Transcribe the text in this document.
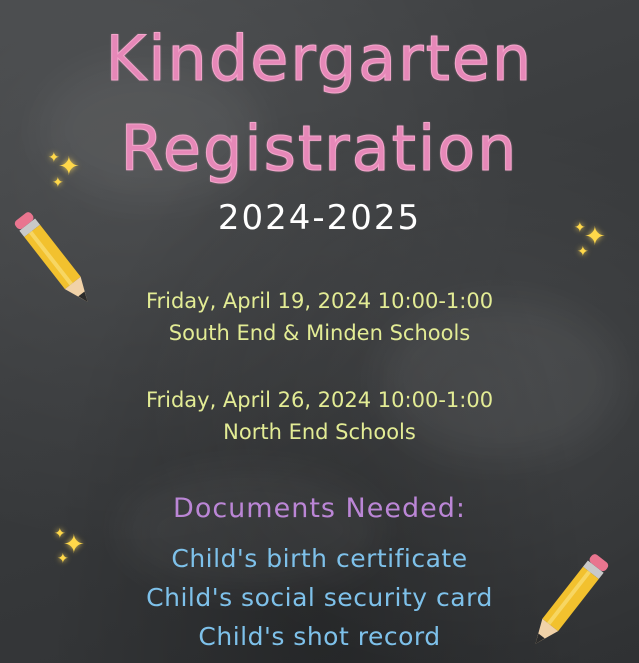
Kindergarten
Registration
2024-2025
✦
✦
✦
✦
✦
✦
✦
✦
✦
Friday, April 19, 2024 10:00-1:00
South End & Minden Schools
Friday, April 26, 2024 10:00-1:00
North End Schools
Documents Needed:
Child's birth certificate
Child's social security card
Child's shot record
